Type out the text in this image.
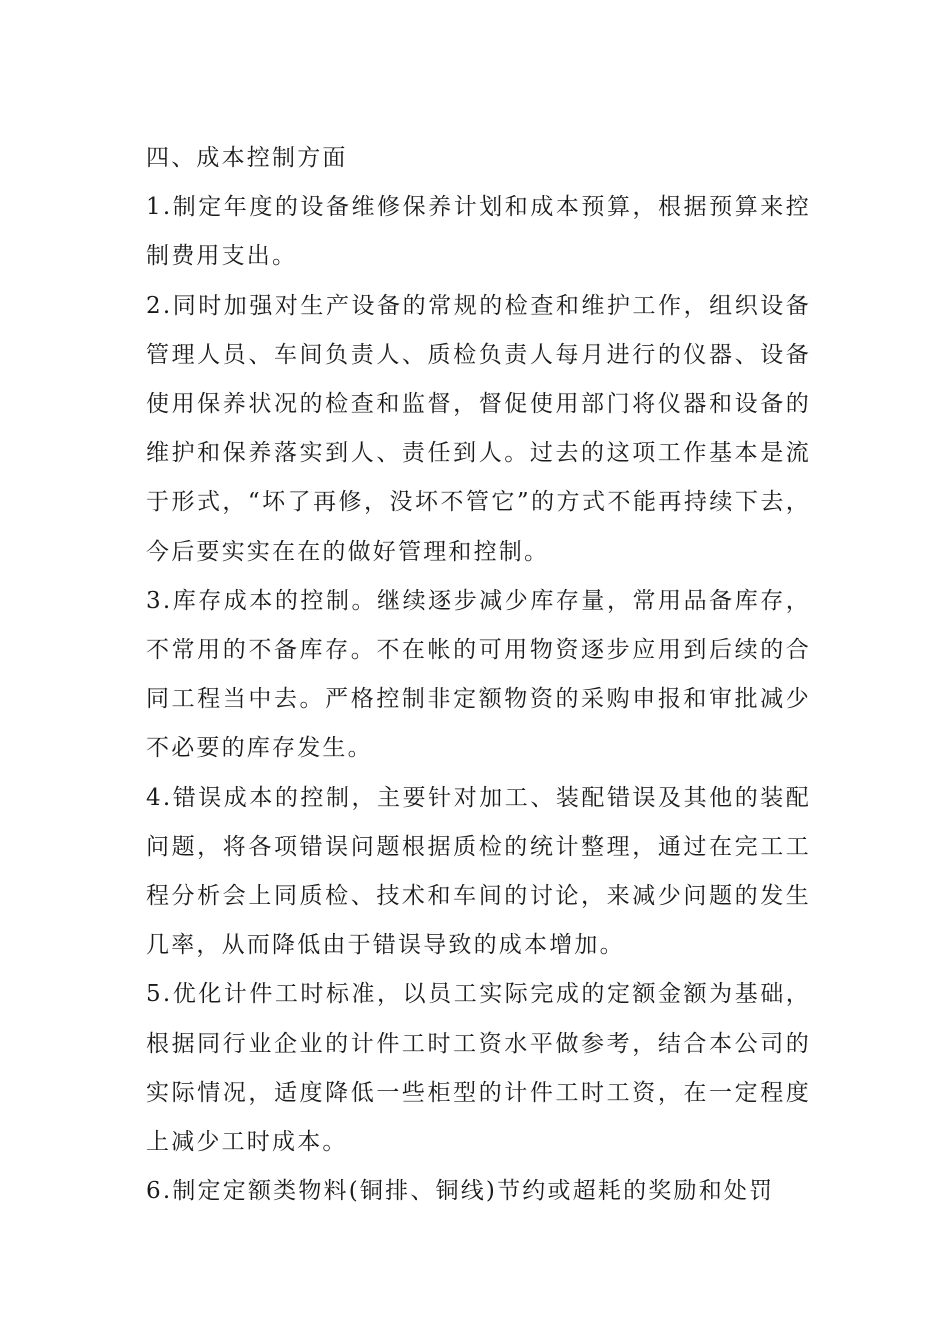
四、成本控制方面

1.制定年度的设备维修保养计划和成本预算，根据预算来控制费用支出。

2.同时加强对生产设备的常规的检查和维护工作，组织设备管理人员、车间负责人、质检负责人每月进行的仪器、设备使用保养状况的检查和监督，督促使用部门将仪器和设备的维护和保养落实到人、责任到人。过去的这项工作基本是流于形式，“坏了再修，没坏不管它”的方式不能再持续下去，今后要实实在在的做好管理和控制。

3.库存成本的控制。继续逐步减少库存量，常用品备库存，不常用的不备库存。不在帐的可用物资逐步应用到后续的合同工程当中去。严格控制非定额物资的采购申报和审批减少不必要的库存发生。

4.错误成本的控制，主要针对加工、装配错误及其他的装配问题，将各项错误问题根据质检的统计整理，通过在完工工程分析会上同质检、技术和车间的讨论，来减少问题的发生几率，从而降低由于错误导致的成本增加。

5.优化计件工时标准，以员工实际完成的定额金额为基础，根据同行业企业的计件工时工资水平做参考，结合本公司的实际情况，适度降低一些柜型的计件工时工资，在一定程度上减少工时成本。

6.制定定额类物料(铜排、铜线)节约或超耗的奖励和处罚
